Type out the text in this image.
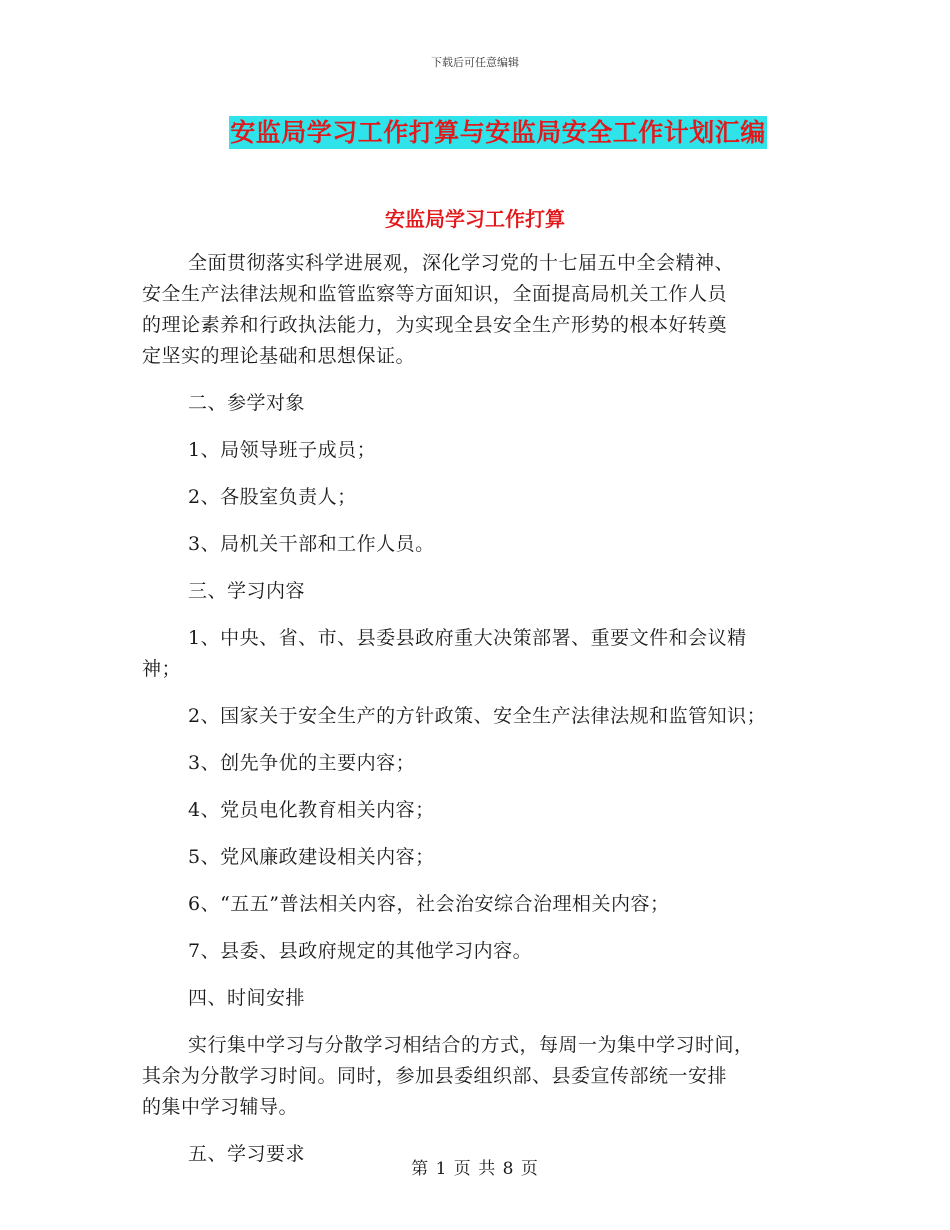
下载后可任意编辑
安监局学习工作打算与安监局安全工作计划汇编
安监局学习工作打算
全面贯彻落实科学进展观，深化学习党的十七届五中全会精神、
安全生产法律法规和监管监察等方面知识，全面提高局机关工作人员
的理论素养和行政执法能力，为实现全县安全生产形势的根本好转奠
定坚实的理论基础和思想保证。
二、参学对象
1、局领导班子成员；
2、各股室负责人；
3、局机关干部和工作人员。
三、学习内容
1、中央、省、市、县委县政府重大决策部署、重要文件和会议精
神；
2、国家关于安全生产的方针政策、安全生产法律法规和监管知识；
3、创先争优的主要内容；
4、党员电化教育相关内容；
5、党风廉政建设相关内容；
6、“五五”普法相关内容，社会治安综合治理相关内容；
7、县委、县政府规定的其他学习内容。
四、时间安排
实行集中学习与分散学习相结合的方式，每周一为集中学习时间，
其余为分散学习时间。同时，参加县委组织部、县委宣传部统一安排
的集中学习辅导。
五、学习要求
第 1 页 共 8 页
